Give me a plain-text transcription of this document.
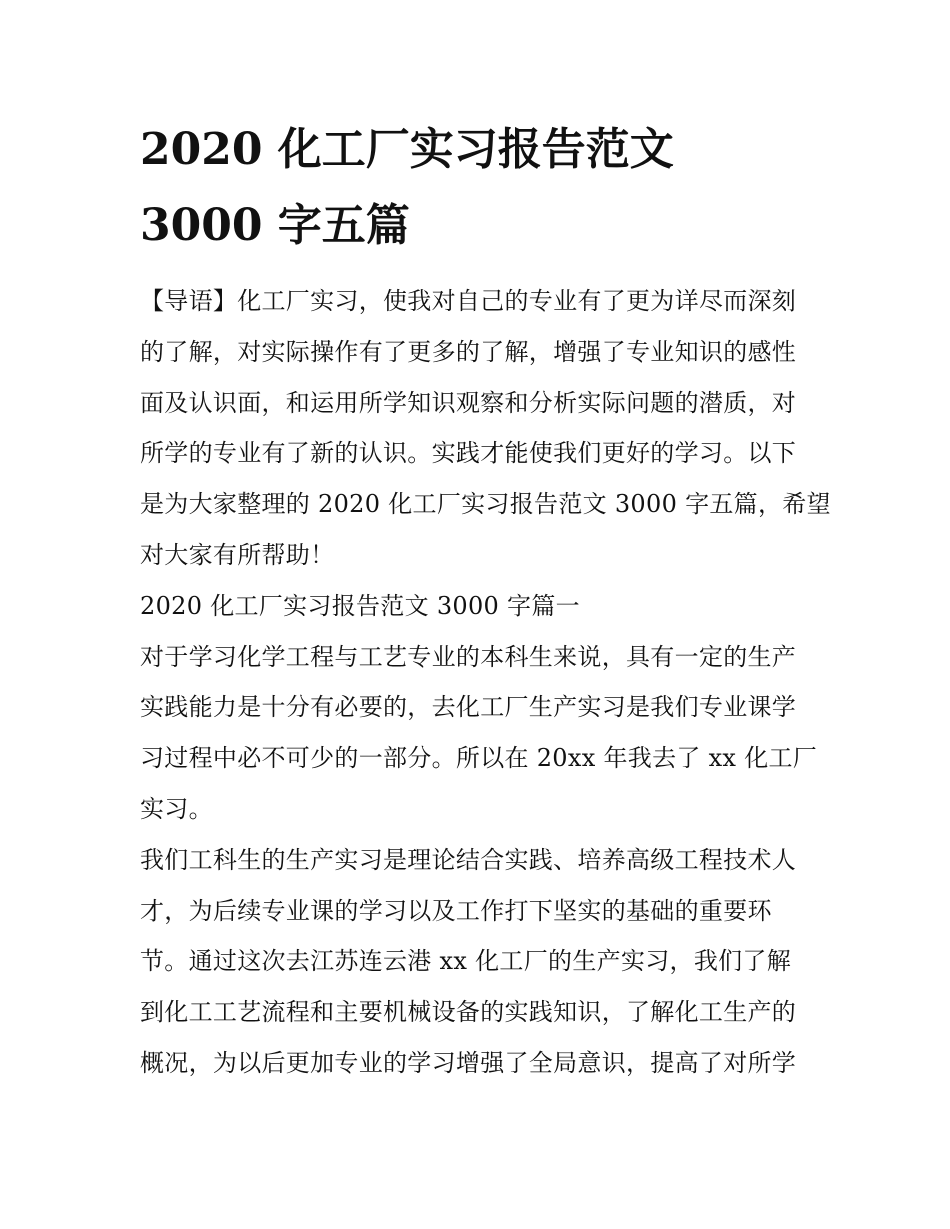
2020 化工厂实习报告范文
3000 字五篇
【导语】化工厂实习，使我对自己的专业有了更为详尽而深刻
的了解，对实际操作有了更多的了解，增强了专业知识的感性
面及认识面，和运用所学知识观察和分析实际问题的潜质，对
所学的专业有了新的认识。实践才能使我们更好的学习。以下
是为大家整理的 2020 化工厂实习报告范文 3000 字五篇，希望
对大家有所帮助！
2020 化工厂实习报告范文 3000 字篇一
对于学习化学工程与工艺专业的本科生来说，具有一定的生产
实践能力是十分有必要的，去化工厂生产实习是我们专业课学
习过程中必不可少的一部分。所以在 20xx 年我去了 xx 化工厂
实习。
我们工科生的生产实习是理论结合实践、培养高级工程技术人
才，为后续专业课的学习以及工作打下坚实的基础的重要环
节。通过这次去江苏连云港 xx 化工厂的生产实习，我们了解
到化工工艺流程和主要机械设备的实践知识，了解化工生产的
概况，为以后更加专业的学习增强了全局意识，提高了对所学
